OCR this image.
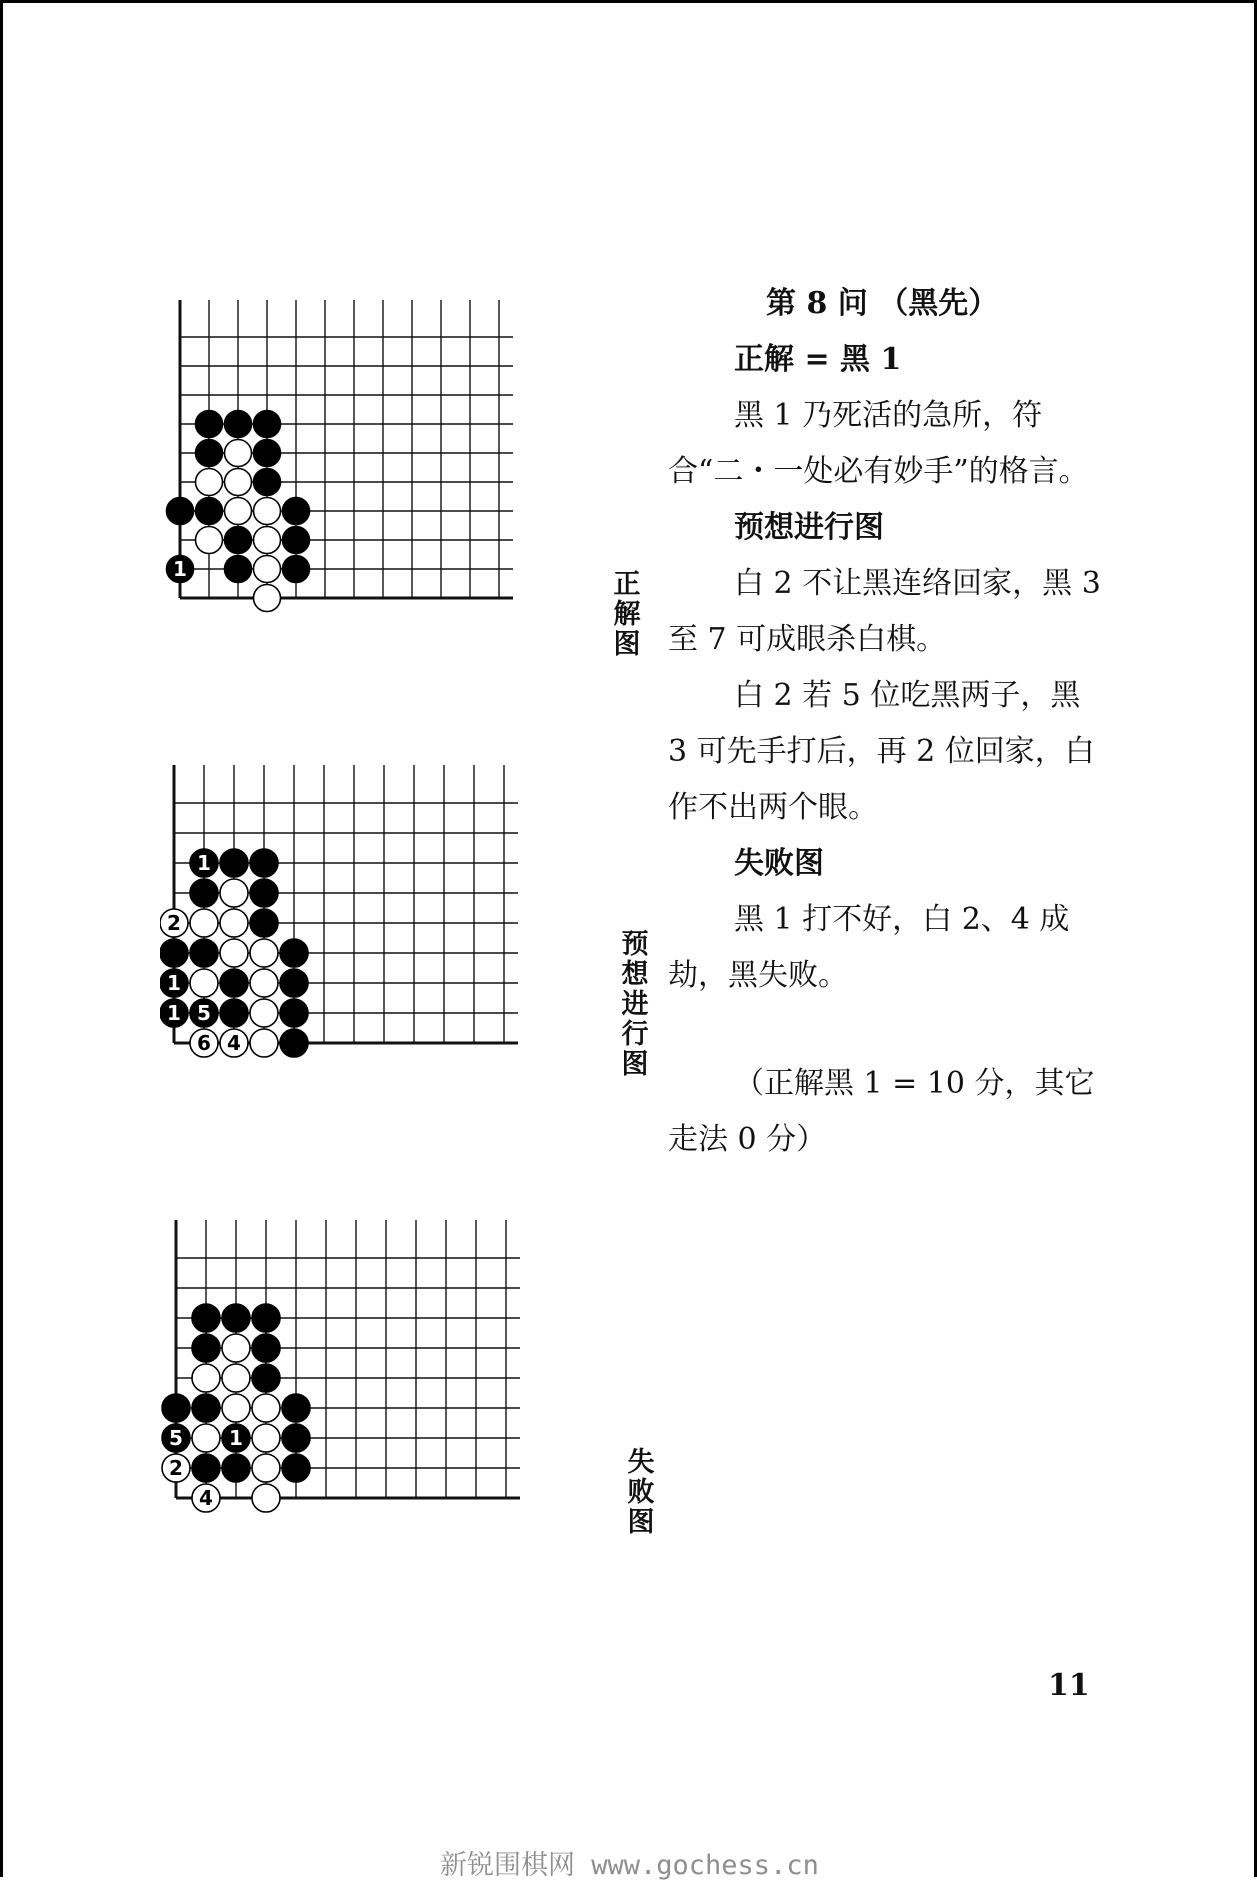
1	正解图
1
2
1
1 5
6 4
预想进行图
5 1
2
4
失败图

第 8 问 （黑先）

正解 = 黑 1

黑 1 乃死活的急所，符合“二・一处必有妙手”的格言。

预想进行图

白 2 不让黑连络回家，黑 3 至 7 可成眼杀白棋。

白 2 若 5 位吃黑两子，黑 3 可先手打后，再 2 位回家，白作不出两个眼。

失败图

黑 1 打不好，白 2、4 成劫，黑失败。

（正解黑 1 = 10 分，其它走法 0 分）

11
新锐围棋网 www.gochess.cn
